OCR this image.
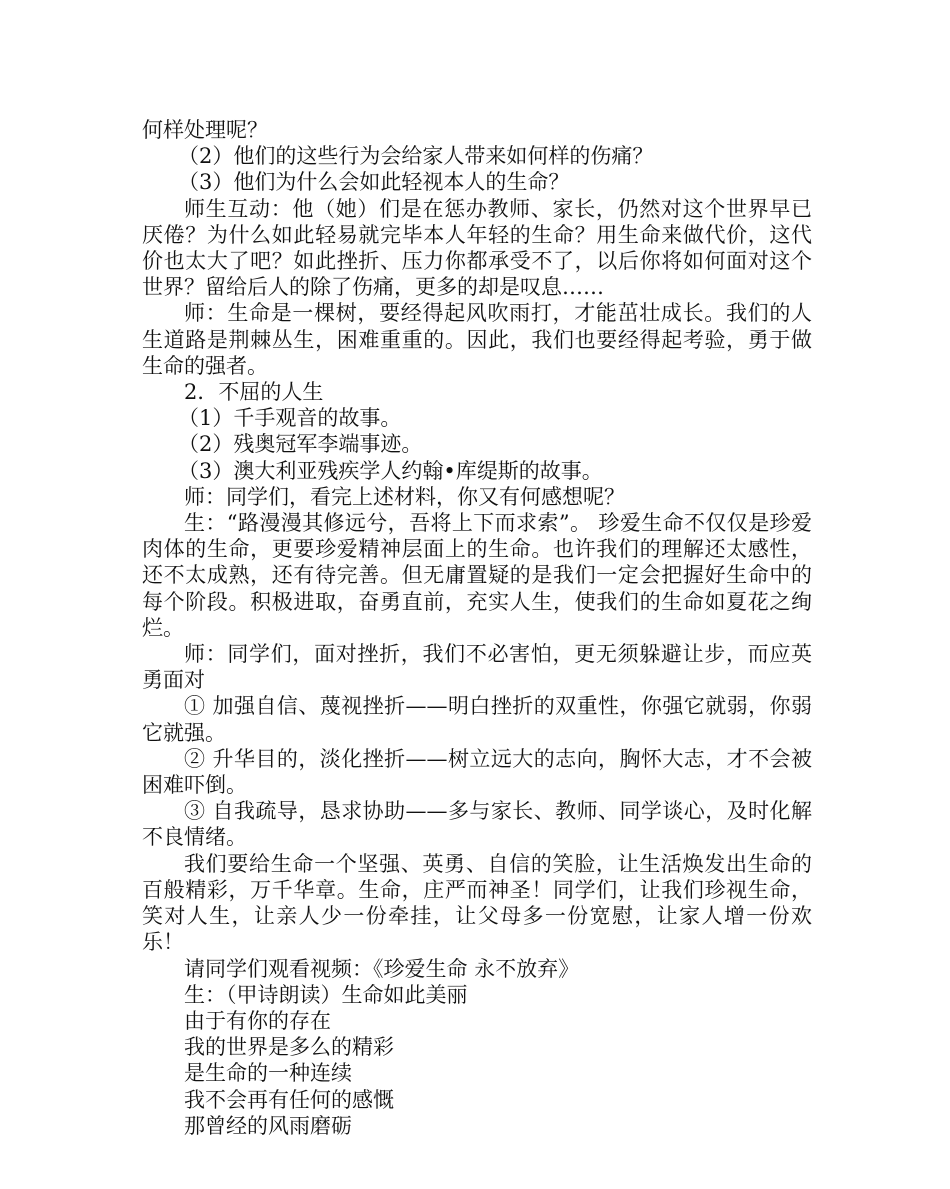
何样处理呢？

（2）他们的这些行为会给家人带来如何样的伤痛？

（3）他们为什么会如此轻视本人的生命？

师生互动：他（她）们是在惩办教师、家长，仍然对这个世界早已厌倦？为什么如此轻易就完毕本人年轻的生命？用生命来做代价，这代价也太大了吧？如此挫折、压力你都承受不了，以后你将如何面对这个世界？留给后人的除了伤痛，更多的却是叹息……

师：生命是一棵树，要经得起风吹雨打，才能茁壮成长。我们的人生道路是荆棘丛生，困难重重的。因此，我们也要经得起考验，勇于做生命的强者。

2．不屈的人生

（1）千手观音的故事。

（2）残奥冠军李端事迹。

（3）澳大利亚残疾学人约翰•库缇斯的故事。

师：同学们，看完上述材料，你又有何感想呢？

生：“路漫漫其修远兮，吾将上下而求索”。 珍爱生命不仅仅是珍爱肉体的生命，更要珍爱精神层面上的生命。也许我们的理解还太感性，还不太成熟，还有待完善。但无庸置疑的是我们一定会把握好生命中的每个阶段。积极进取，奋勇直前，充实人生，使我们的生命如夏花之绚烂。

师：同学们，面对挫折，我们不必害怕，更无须躲避让步，而应英勇面对

① 加强自信、蔑视挫折——明白挫折的双重性，你强它就弱，你弱它就强。

② 升华目的，淡化挫折——树立远大的志向，胸怀大志，才不会被困难吓倒。

③ 自我疏导，恳求协助——多与家长、教师、同学谈心，及时化解不良情绪。

我们要给生命一个坚强、英勇、自信的笑脸，让生活焕发出生命的百般精彩，万千华章。生命，庄严而神圣！同学们，让我们珍视生命，笑对人生，让亲人少一份牵挂，让父母多一份宽慰，让家人增一份欢乐！

请同学们观看视频：《珍爱生命 永不放弃》

生：（甲诗朗读）生命如此美丽

由于有你的存在

我的世界是多么的精彩

是生命的一种连续

我不会再有任何的感慨

那曾经的风雨磨砺
